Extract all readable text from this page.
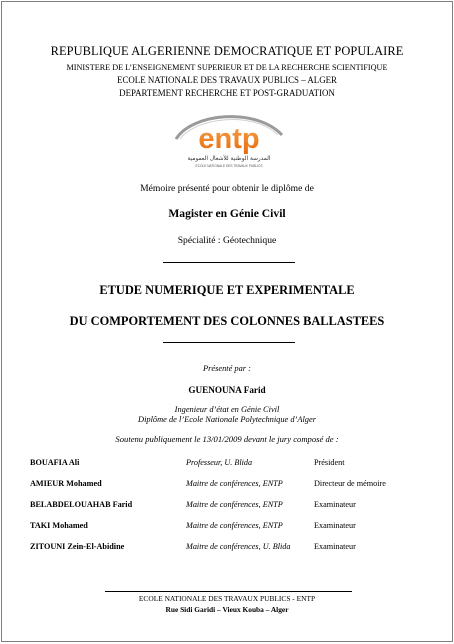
REPUBLIQUE ALGERIENNE DEMOCRATIQUE ET POPULAIRE
MINISTERE DE L’ENSEIGNEMENT SUPERIEUR ET DE LA RECHERCHE SCIENTIFIQUE
ECOLE NATIONALE DES TRAVAUX PUBLICS – ALGER
DEPARTEMENT RECHERCHE ET POST-GRADUATION
entp
المدرسة الوطنية للأشغال العمومية
ECOLE NATIONALE DES TRAVAUX PUBLICS
Mémoire présenté pour obtenir le diplôme de
Magister en Génie Civil
Spécialité : Géotechnique
ETUDE NUMERIQUE ET EXPERIMENTALE
DU COMPORTEMENT DES COLONNES BALLASTEES
Présenté par :
GUENOUNA Farid
Ingenieur d’état en Génie Civil
Diplôme de l’Ecole Nationale Polytechnique d’Alger
Soutenu publiquement le 13/01/2009 devant le jury composé de :
BOUAFIA Ali	Professeur, U. Blida	Président
AMIEUR Mohamed	Maitre de conférences, ENTP	Directeur de mémoire
BELABDELOUAHAB Farid	Maitre de conférences, ENTP	Examinateur
TAKI Mohamed	Maitre de conférences, ENTP	Examinateur
ZITOUNI Zein-El-Abidine	Maitre de conférences, U. Blida	Examinateur
ECOLE NATIONALE DES TRAVAUX PUBLICS - ENTP
Rue Sidi Garidi – Vieux Kouba – Alger
